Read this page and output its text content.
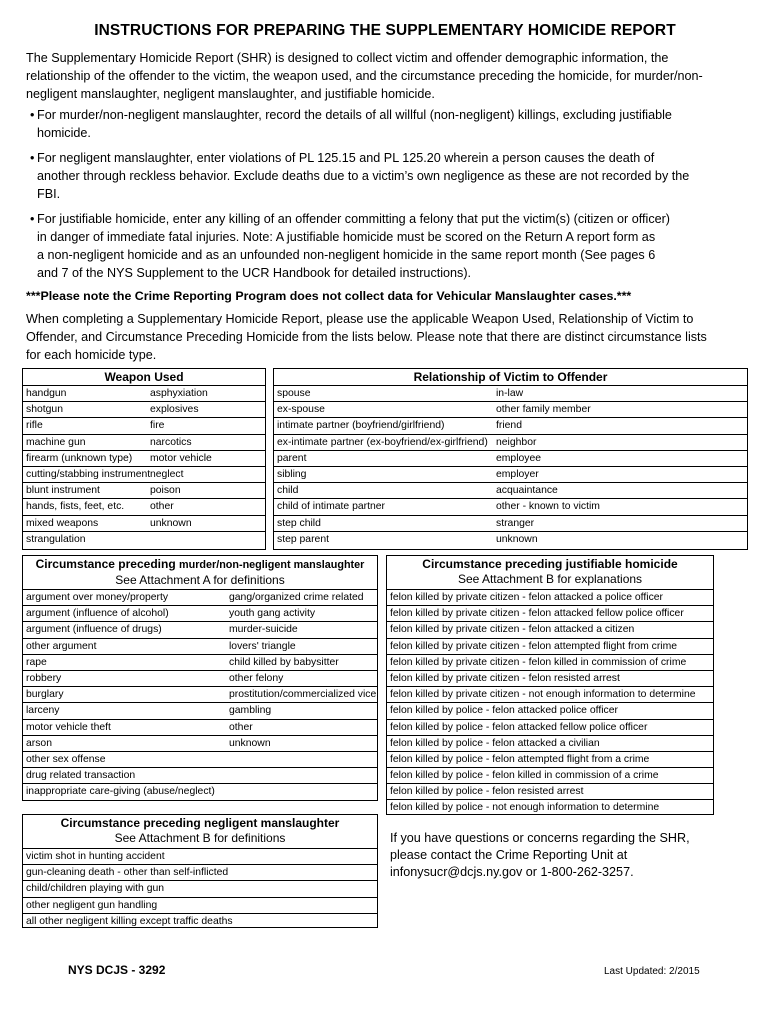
INSTRUCTIONS FOR PREPARING THE SUPPLEMENTARY HOMICIDE REPORT
The Supplementary Homicide Report (SHR) is designed to collect victim and offender demographic information, the
relationship of the offender to the victim, the weapon used, and the circumstance preceding the homicide, for murder/non-
negligent manslaughter, negligent manslaughter, and justifiable homicide.
• For murder/non-negligent manslaughter, record the details of all willful (non-negligent) killings, excluding justifiable
homicide.
• For negligent manslaughter, enter violations of PL 125.15 and PL 125.20 wherein a person causes the death of
another through reckless behavior. Exclude deaths due to a victim’s own negligence as these are not recorded by the
FBI.
• For justifiable homicide, enter any killing of an offender committing a felony that put the victim(s) (citizen or officer)
in danger of immediate fatal injuries. Note: A justifiable homicide must be scored on the Return A report form as
a non-negligent homicide and as an unfounded non-negligent homicide in the same report month (See pages 6
and 7 of the NYS Supplement to the UCR Handbook for detailed instructions).
***Please note the Crime Reporting Program does not collect data for Vehicular Manslaughter cases.***
When completing a Supplementary Homicide Report, please use the applicable Weapon Used, Relationship of Victim to
Offender, and Circumstance Preceding Homicide from the lists below. Please note that there are distinct circumstance lists
for each homicide type.
Weapon Used
handgun	asphyxiation
shotgun	explosives
rifle	fire
machine gun	narcotics
firearm (unknown type) motor vehicle
cutting/stabbing instrument neglect
blunt instrument	poison
hands, fists, feet, etc. other
mixed weapons	unknown
strangulation
Relationship of Victim to Offender
spouse	in-law
ex-spouse	other family member
intimate partner (boyfriend/girlfriend)	friend
ex-intimate partner (ex-boyfriend/ex-girlfriend) neighbor
parent	employee
sibling	employer
child	acquaintance
child of intimate partner	other - known to victim
step child	stranger
step parent	unknown
Circumstance preceding murder/non-negligent manslaughter
See Attachment A for definitions
argument over money/property	gang/organized crime related
argument (influence of alcohol)	youth gang activity
argument (influence of drugs)	murder-suicide
other argument	lovers' triangle
rape	child killed by babysitter
robbery	other felony
burglary	prostitution/commercialized vice
larceny	gambling
motor vehicle theft	other
arson	unknown
other sex offense
drug related transaction
inappropriate care-giving (abuse/neglect)
Circumstance preceding justifiable homicide
See Attachment B for explanations
felon killed by private citizen - felon attacked a police officer
felon killed by private citizen - felon attacked fellow police officer
felon killed by private citizen - felon attacked a citizen
felon killed by private citizen - felon attempted flight from crime
felon killed by private citizen - felon killed in commission of crime
felon killed by private citizen - felon resisted arrest
felon killed by private citizen - not enough information to determine
felon killed by police - felon attacked police officer
felon killed by police - felon attacked fellow police officer
felon killed by police - felon attacked a civilian
felon killed by police - felon attempted flight from a crime
felon killed by police - felon killed in commission of a crime
felon killed by police - felon resisted arrest
felon killed by police - not enough information to determine
Circumstance preceding negligent manslaughter
See Attachment B for definitions
victim shot in hunting accident
gun-cleaning death - other than self-inflicted
child/children playing with gun
other negligent gun handling
all other negligent killing except traffic deaths
If you have questions or concerns regarding the SHR,
please contact the Crime Reporting Unit at
infonysucr@dcjs.ny.gov or 1-800-262-3257.
NYS DCJS - 3292	Last Updated: 2/2015
